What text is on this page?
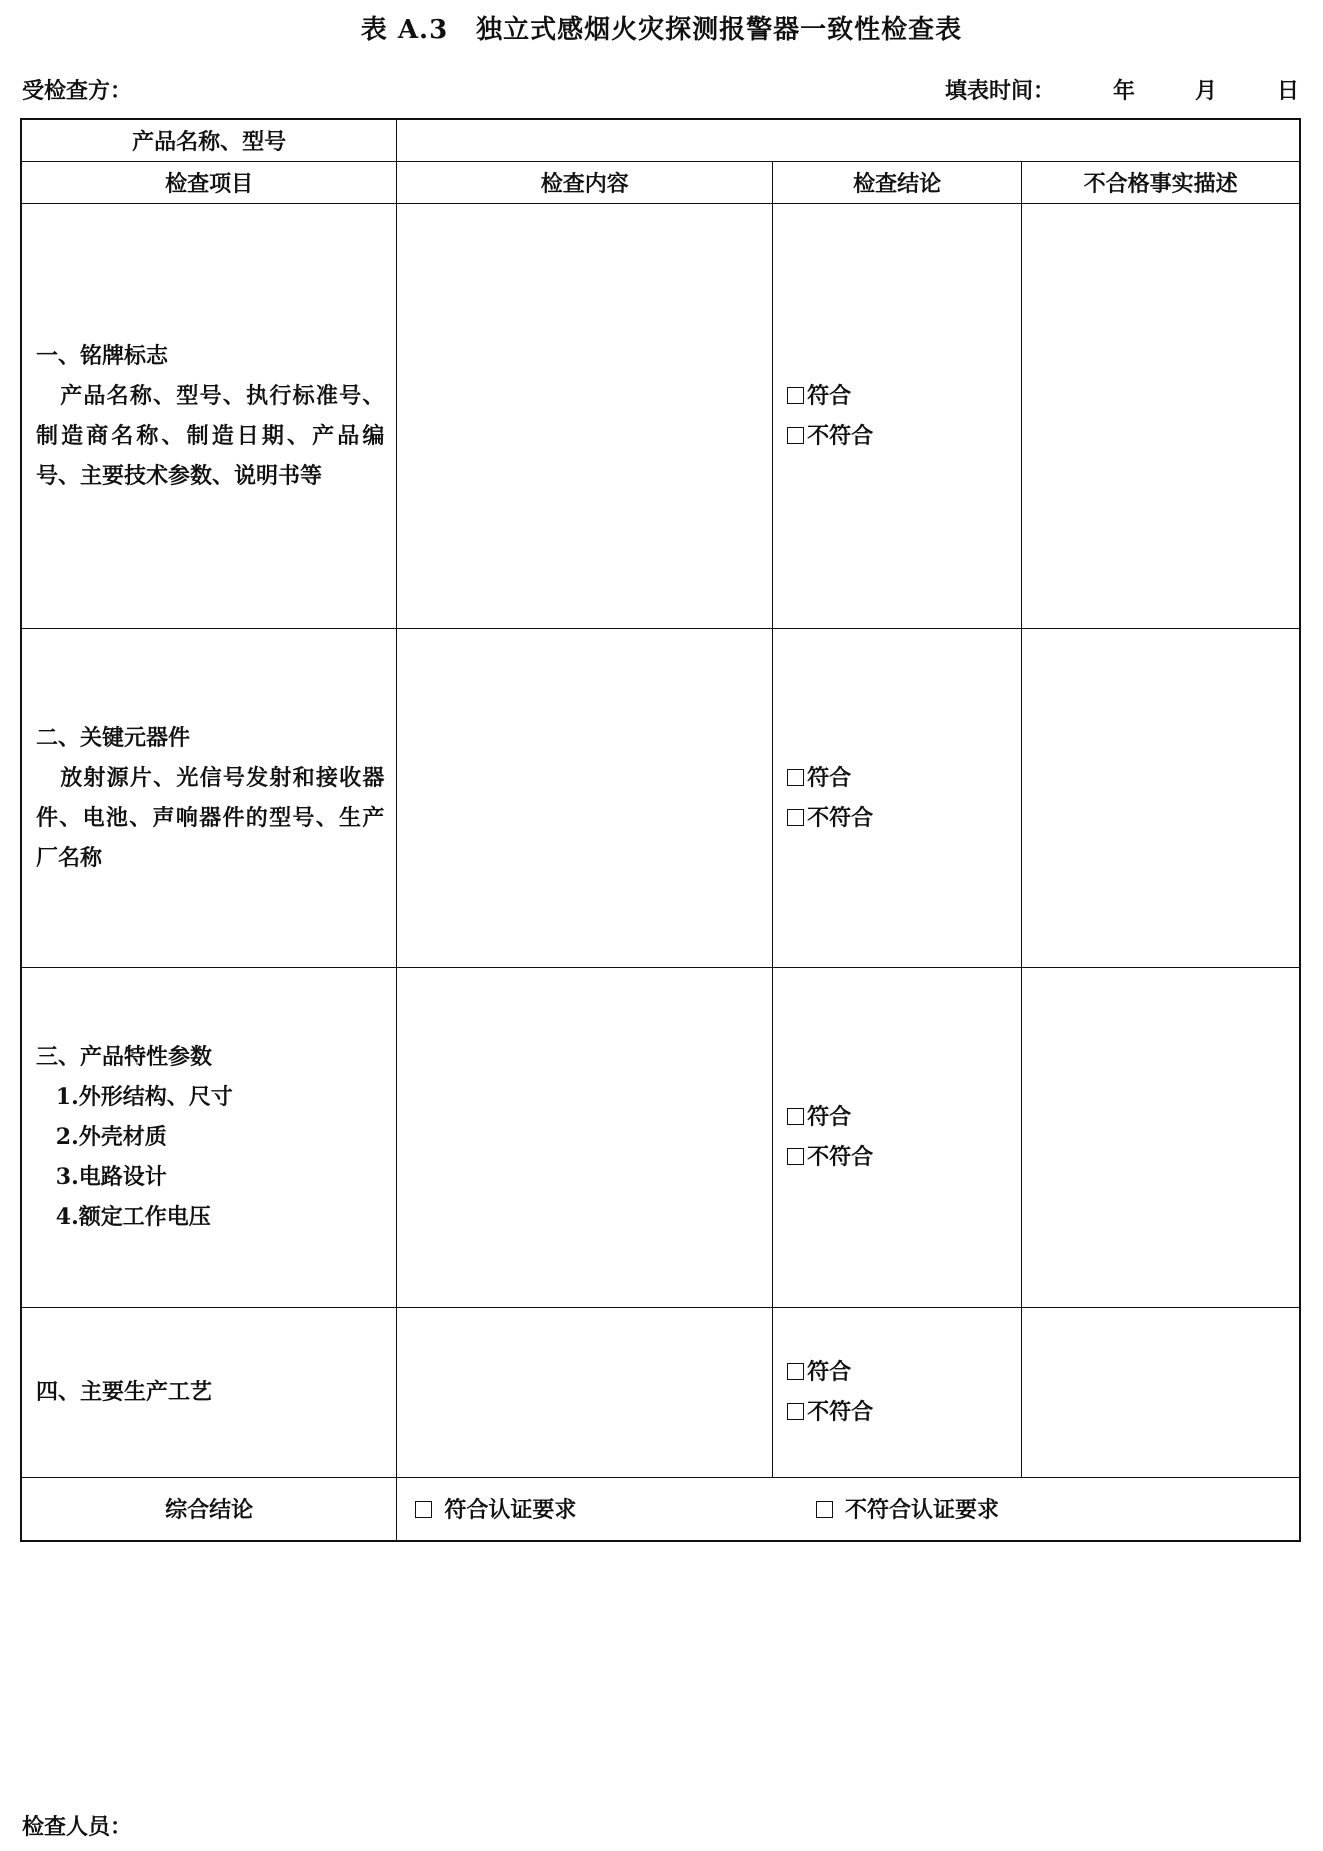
表 A.3 独立式感烟火灾探测报警器一致性检查表
受检查方：	填表时间：	年	月	日
产品名称、型号			
检查项目	检查内容	检查结论	不合格事实描述

一、铭牌标志
产品名称、型号、执行标准号、制造商名称、制造日期、产品编号、主要技术参数、说明书等		符合
不符合	

二、关键元器件
放射源片、光信号发射和接收器件、电池、声响器件的型号、生产厂名称		符合
不符合	

三、产品特性参数
1.外形结构、尺寸
2.外壳材质
3.电路设计
4.额定工作电压		符合
不符合	

四、主要生产工艺		符合
不符合	

综合结论	符合认证要求 不符合认证要求		
检查人员：
